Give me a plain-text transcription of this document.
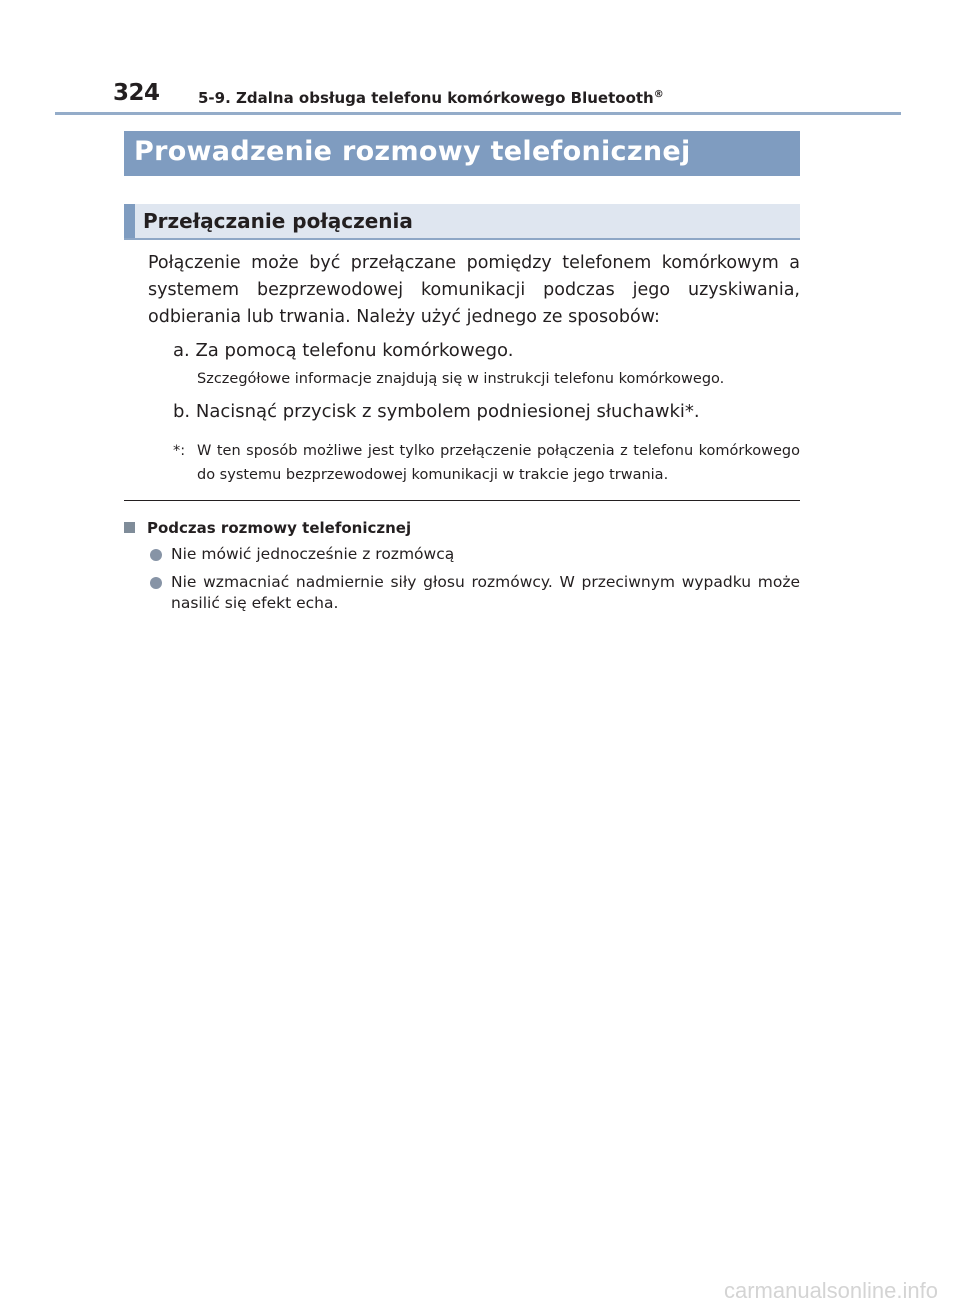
324	5-9. Zdalna obsługa telefonu komórkowego Bluetooth®
Prowadzenie rozmowy telefonicznej
Przełączanie połączenia
Połączenie może być przełączane pomiędzy telefonem komórkowym a systemem bezprzewodowej komunikacji podczas jego uzyskiwania, odbierania lub trwania. Należy użyć jednego ze sposobów:
a. Za pomocą telefonu komórkowego.
Szczegółowe informacje znajdują się w instrukcji telefonu komórkowego.
b. Nacisnąć przycisk z symbolem podniesionej słuchawki*.
*: W ten sposób możliwe jest tylko przełączenie połączenia z telefonu komórkowego do systemu bezprzewodowej komunikacji w trakcie jego trwania.
Podczas rozmowy telefonicznej
Nie mówić jednocześnie z rozmówcą
Nie wzmacniać nadmiernie siły głosu rozmówcy. W przeciwnym wypadku może nasilić się efekt echa.
carmanualsonline.info
